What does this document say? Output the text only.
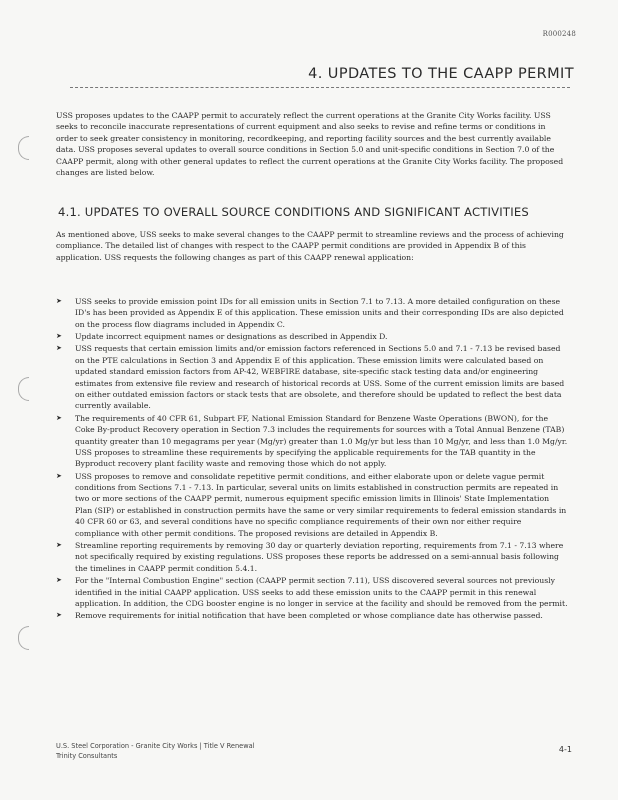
R000248
4. UPDATES TO THE CAAPP PERMIT

USS proposes updates to the CAAPP permit to accurately reflect the current operations at the Granite City Works facility. USS seeks to reconcile inaccurate representations of current equipment and also seeks to revise and refine terms or conditions in order to seek greater consistency in monitoring, recordkeeping, and reporting facility sources and the best currently available data. USS proposes several updates to overall source conditions in Section 5.0 and unit-specific conditions in Section 7.0 of the CAAPP permit, along with other general updates to reflect the current operations at the Granite City Works facility. The proposed changes are listed below.

4.1. UPDATES TO OVERALL SOURCE CONDITIONS AND SIGNIFICANT ACTIVITIES

As mentioned above, USS seeks to make several changes to the CAAPP permit to streamline reviews and the process of achieving compliance. The detailed list of changes with respect to the CAAPP permit conditions are provided in Appendix B of this application. USS requests the following changes as part of this CAAPP renewal application:

➤ USS seeks to provide emission point IDs for all emission units in Section 7.1 to 7.13. A more detailed configuration on these ID's has been provided as Appendix E of this application. These emission units and their corresponding IDs are also depicted on the process flow diagrams included in Appendix C.
➤ Update incorrect equipment names or designations as described in Appendix D.
➤ USS requests that certain emission limits and/or emission factors referenced in Sections 5.0 and 7.1 - 7.13 be revised based on the PTE calculations in Section 3 and Appendix E of this application. These emission limits were calculated based on updated standard emission factors from AP-42, WEBFIRE database, site-specific stack testing data and/or engineering estimates from extensive file review and research of historical records at USS. Some of the current emission limits are based on either outdated emission factors or stack tests that are obsolete, and therefore should be updated to reflect the best data currently available.
➤ The requirements of 40 CFR 61, Subpart FF, National Emission Standard for Benzene Waste Operations (BWON), for the Coke By-product Recovery operation in Section 7.3 includes the requirements for sources with a Total Annual Benzene (TAB) quantity greater than 10 megagrams per year (Mg/yr) greater than 1.0 Mg/yr but less than 10 Mg/yr, and less than 1.0 Mg/yr. USS proposes to streamline these requirements by specifying the applicable requirements for the TAB quantity in the Byproduct recovery plant facility waste and removing those which do not apply.
➤ USS proposes to remove and consolidate repetitive permit conditions, and either elaborate upon or delete vague permit conditions from Sections 7.1 - 7.13. In particular, several units on limits established in construction permits are repeated in two or more sections of the CAAPP permit, numerous equipment specific emission limits in Illinois' State Implementation Plan (SIP) or established in construction permits have the same or very similar requirements to federal emission standards in 40 CFR 60 or 63, and several conditions have no specific compliance requirements of their own nor either require compliance with other permit conditions. The proposed revisions are detailed in Appendix B.
➤ Streamline reporting requirements by removing 30 day or quarterly deviation reporting, requirements from 7.1 - 7.13 where not specifically required by existing regulations. USS proposes these reports be addressed on a semi-annual basis following the timelines in CAAPP permit condition 5.4.1.
➤ For the "Internal Combustion Engine" section (CAAPP permit section 7.11), USS discovered several sources not previously identified in the initial CAAPP application. USS seeks to add these emission units to the CAAPP permit in this renewal application. In addition, the CDG booster engine is no longer in service at the facility and should be removed from the permit.
➤ Remove requirements for initial notification that have been completed or whose compliance date has otherwise passed.
U.S. Steel Corporation - Granite City Works | Title V Renewal
Trinity Consultants
4-1
